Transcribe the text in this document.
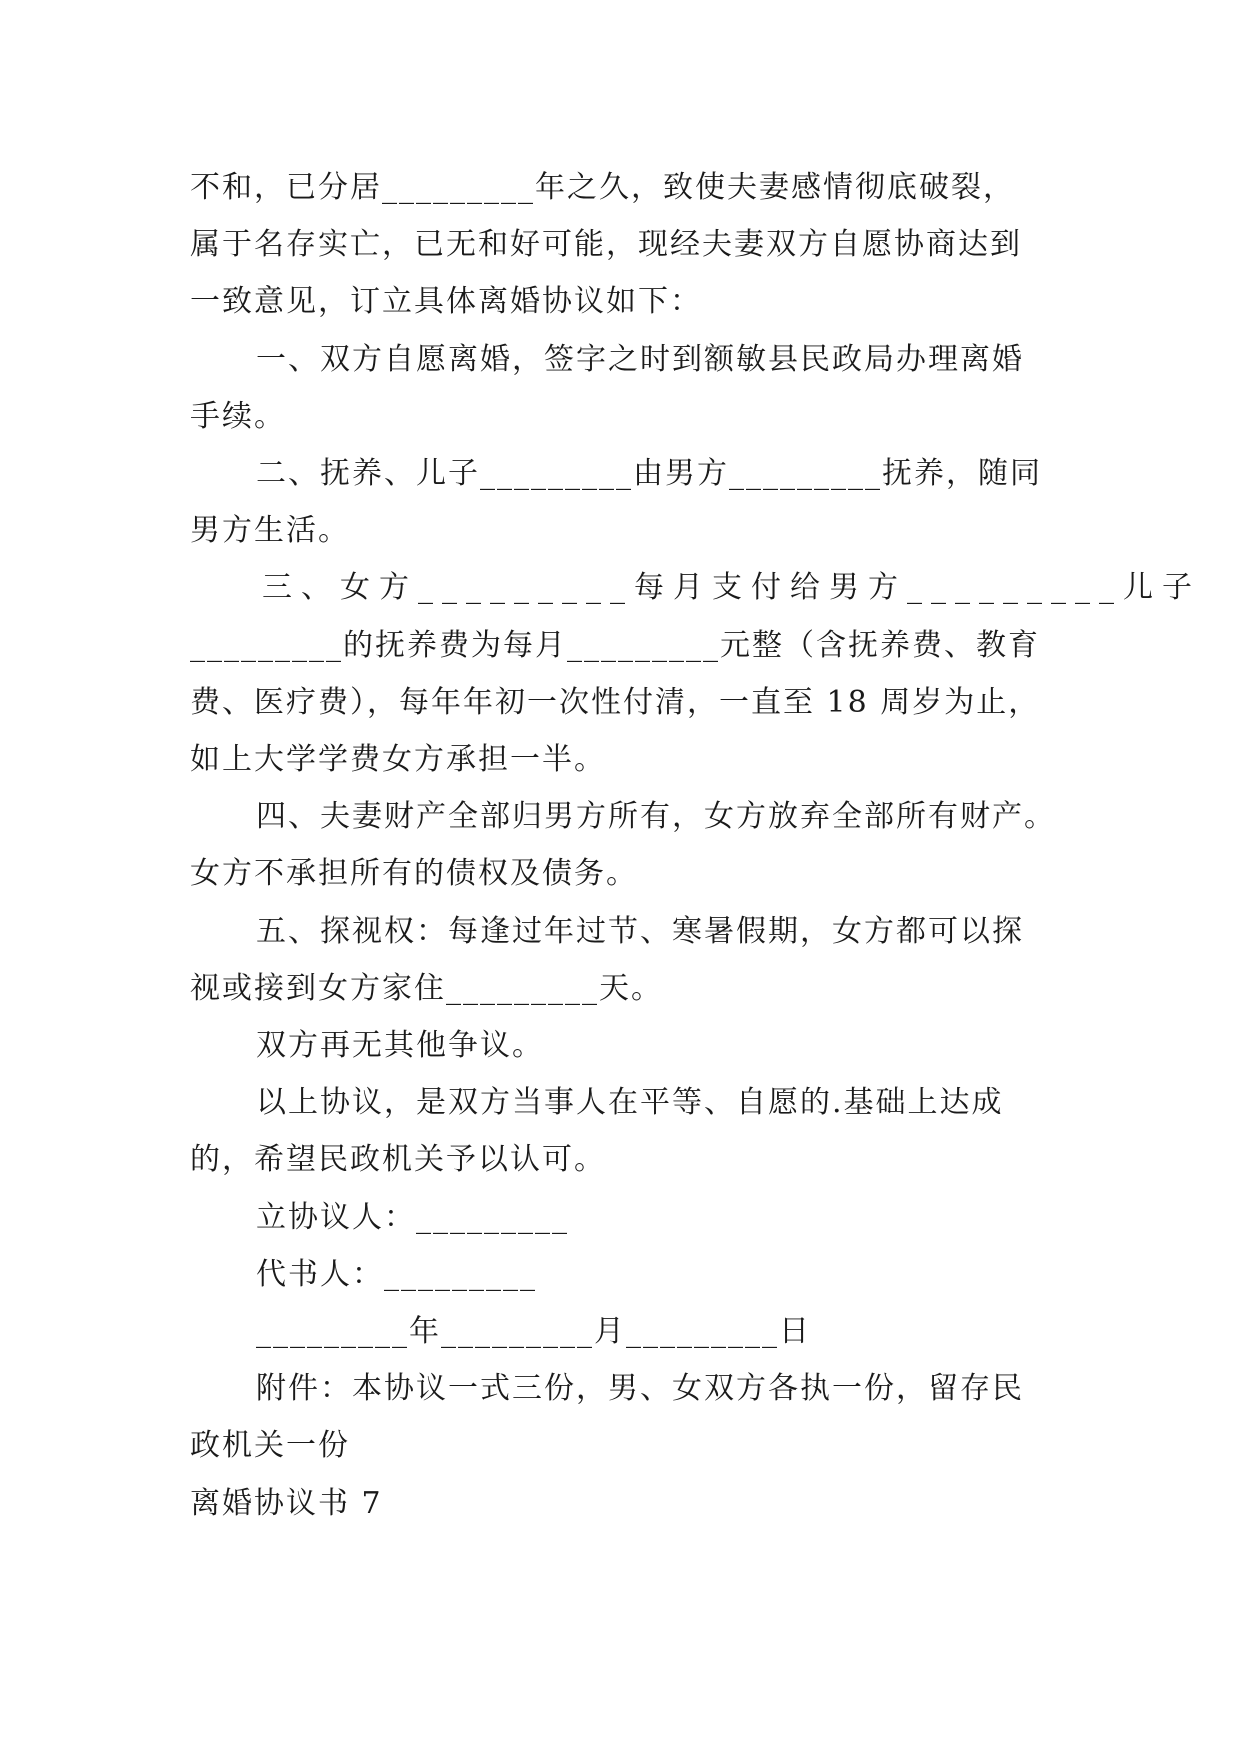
不和，已分居_________年之久，致使夫妻感情彻底破裂，
属于名存实亡，已无和好可能，现经夫妻双方自愿协商达到
一致意见，订立具体离婚协议如下：
一、双方自愿离婚，签字之时到额敏县民政局办理离婚
手续。
二、抚养、儿子_________由男方_________抚养，随同
男方生活。
三、女方_________每月支付给男方_________儿子
_________的抚养费为每月_________元整（含抚养费、教育
费、医疗费），每年年初一次性付清，一直至 18 周岁为止，
如上大学学费女方承担一半。
四、夫妻财产全部归男方所有，女方放弃全部所有财产。
女方不承担所有的债权及债务。
五、探视权：每逢过年过节、寒暑假期，女方都可以探
视或接到女方家住_________天。
双方再无其他争议。
以上协议，是双方当事人在平等、自愿的.基础上达成
的，希望民政机关予以认可。
立协议人：_________
代书人：_________
_________年_________月_________日
附件：本协议一式三份，男、女双方各执一份，留存民
政机关一份
离婚协议书 7
